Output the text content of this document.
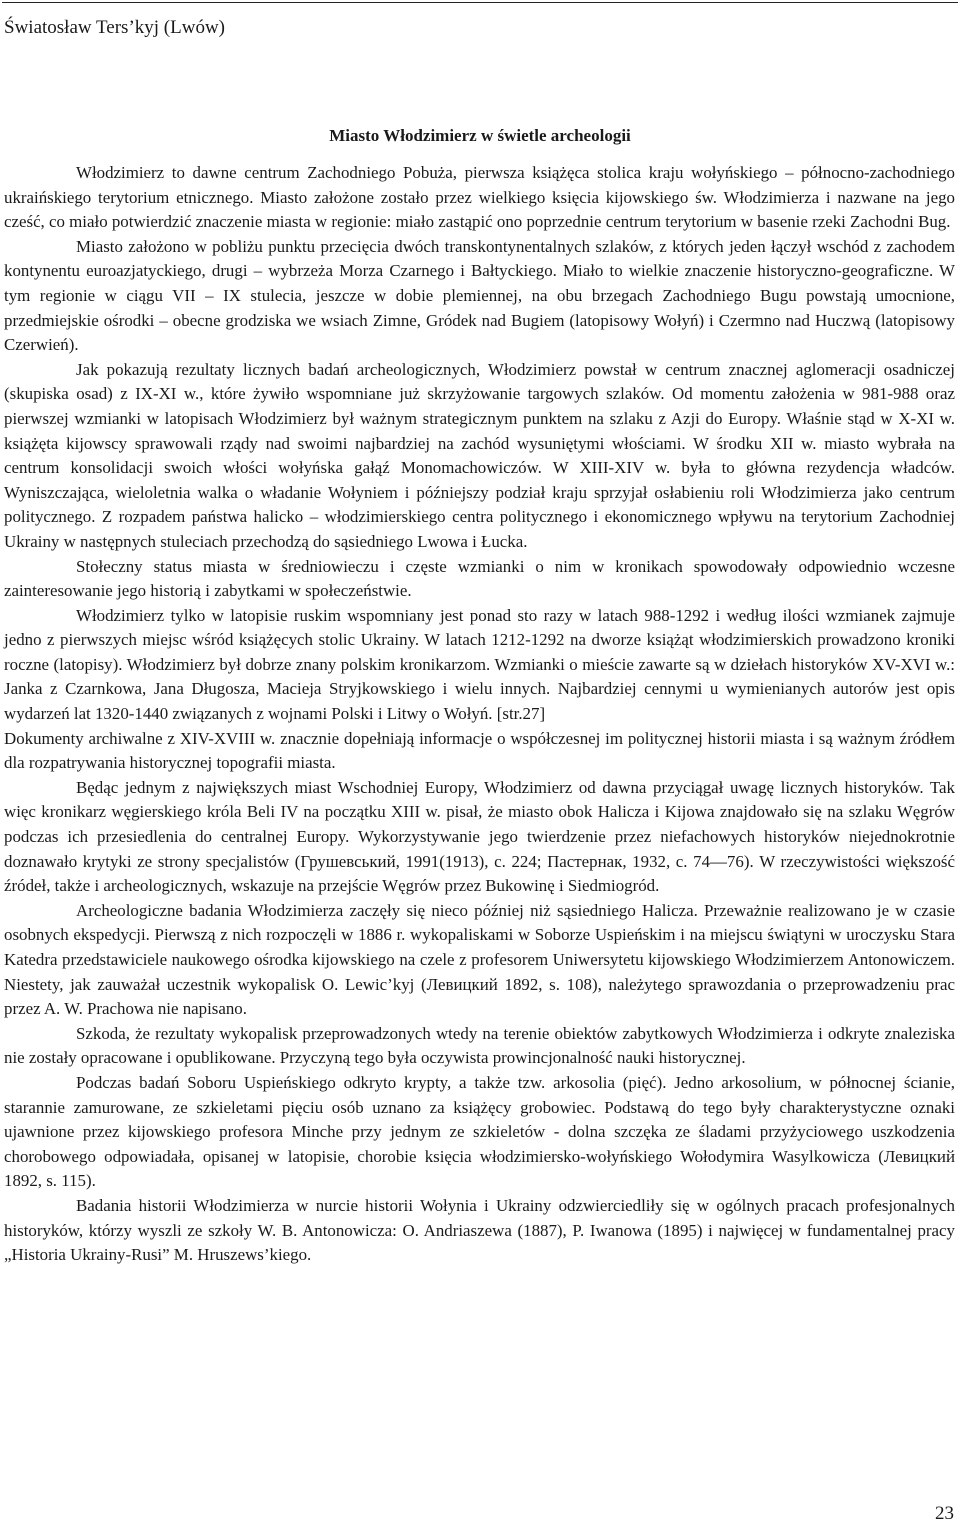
Światosław Ters’kyj (Lwów)
Miasto Włodzimierz w świetle archeologii

Włodzimierz to dawne centrum Zachodniego Pobuża, pierwsza książęca stolica kraju wołyńskiego – północno-zachodniego ukraińskiego terytorium etnicznego. Miasto założone zostało przez wielkiego księcia kijowskiego św. Włodzimierza i nazwane na jego cześć, co miało potwierdzić znaczenie miasta w regionie: miało zastąpić ono poprzednie centrum terytorium w basenie rzeki Zachodni Bug.

Miasto założono w pobliżu punktu przecięcia dwóch transkontynentalnych szlaków, z których jeden łączył wschód z zachodem kontynentu euroazjatyckiego, drugi – wybrzeża Morza Czarnego i Bałtyckiego. Miało to wielkie znaczenie historyczno-geograficzne. W tym regionie w ciągu VII – IX stulecia, jeszcze w dobie plemiennej, na obu brzegach Zachodniego Bugu powstają umocnione, przedmiejskie ośrodki – obecne grodziska we wsiach Zimne, Gródek nad Bugiem (latopisowy Wołyń) i Czermno nad Huczwą (latopisowy Czerwień).

Jak pokazują rezultaty licznych badań archeologicznych, Włodzimierz powstał w centrum znacznej aglomeracji osadniczej (skupiska osad) z IX-XI w., które żywiło wspomniane już skrzyżowanie targowych szlaków. Od momentu założenia w 981-988 oraz pierwszej wzmianki w latopisach Włodzimierz był ważnym strategicznym punktem na szlaku z Azji do Europy. Właśnie stąd w X-XI w. książęta kijowscy sprawowali rządy nad swoimi najbardziej na zachód wysuniętymi włościami. W środku XII w. miasto wybrała na centrum konsolidacji swoich włości wołyńska gałąź Monomachowiczów. W XIII-XIV w. była to główna rezydencja władców. Wyniszczająca, wieloletnia walka o władanie Wołyniem i późniejszy podział kraju sprzyjał osłabieniu roli Włodzimierza jako centrum politycznego. Z rozpadem państwa halicko – włodzimierskiego centra politycznego i ekonomicznego wpływu na terytorium Zachodniej Ukrainy w następnych stuleciach przechodzą do sąsiedniego Lwowa i Łucka.

Stołeczny status miasta w średniowieczu i częste wzmianki o nim w kronikach spowodowały odpowiednio wczesne zainteresowanie jego historią i zabytkami w społeczeństwie.

Włodzimierz tylko w latopisie ruskim wspomniany jest ponad sto razy w latach 988-1292 i według ilości wzmianek zajmuje jedno z pierwszych miejsc wśród książęcych stolic Ukrainy. W latach 1212-1292 na dworze książąt włodzimierskich prowadzono kroniki roczne (latopisy). Włodzimierz był dobrze znany polskim kronikarzom. Wzmianki o mieście zawarte są w dziełach historyków XV-XVI w.: Janka z Czarnkowa, Jana Długosza, Macieja Stryjkowskiego i wielu innych. Najbardziej cennymi u wymienianych autorów jest opis wydarzeń lat 1320-1440 związanych z wojnami Polski i Litwy o Wołyń. [str.27]

Dokumenty archiwalne z XIV-XVIII w. znacznie dopełniają informacje o współczesnej im politycznej historii miasta i są ważnym źródłem dla rozpatrywania historycznej topografii miasta.

Będąc jednym z największych miast Wschodniej Europy, Włodzimierz od dawna przyciągał uwagę licznych historyków. Tak więc kronikarz węgierskiego króla Beli IV na początku XIII w. pisał, że miasto obok Halicza i Kijowa znajdowało się na szlaku Węgrów podczas ich przesiedlenia do centralnej Europy. Wykorzystywanie jego twierdzenie przez niefachowych historyków niejednokrotnie doznawało krytyki ze strony specjalistów (Грушевський, 1991(1913), с. 224; Пастернак, 1932, с. 74—76). W rzeczywistości większość źródeł, także i archeologicznych, wskazuje na przejście Węgrów przez Bukowinę i Siedmiogród.

Archeologiczne badania Włodzimierza zaczęły się nieco później niż sąsiedniego Halicza. Przeważnie realizowano je w czasie osobnych ekspedycji. Pierwszą z nich rozpoczęli w 1886 r. wykopaliskami w Soborze Uspieńskim i na miejscu świątyni w uroczysku Stara Katedra przedstawiciele naukowego ośrodka kijowskiego na czele z profesorem Uniwersytetu kijowskiego Włodzimierzem Antonowiczem. Niestety, jak zauważał uczestnik wykopalisk O. Lewic’kyj (Левицкий 1892, s. 108), należytego sprawozdania o przeprowadzeniu prac przez A. W. Prachowa nie napisano.

Szkoda, że rezultaty wykopalisk przeprowadzonych wtedy na terenie obiektów zabytkowych Włodzimierza i odkryte znaleziska nie zostały opracowane i opublikowane. Przyczyną tego była oczywista prowincjonalność nauki historycznej.

Podczas badań Soboru Uspieńskiego odkryto krypty, a także tzw. arkosolia (pięć). Jedno arkosolium, w północnej ścianie, starannie zamurowane, ze szkieletami pięciu osób uznano za książęcy grobowiec. Podstawą do tego były charakterystyczne oznaki ujawnione przez kijowskiego profesora Minche przy jednym ze szkieletów - dolna szczęka ze śladami przyżyciowego uszkodzenia chorobowego odpowiadała, opisanej w latopisie, chorobie księcia włodzimiersko-wołyńskiego Wołodymira Wasylkowicza (Левицкий 1892, s. 115).

Badania historii Włodzimierza w nurcie historii Wołynia i Ukrainy odzwierciedliły się w ogólnych pracach profesjonalnych historyków, którzy wyszli ze szkoły W. B. Antonowicza: O. Andriaszewa (1887), P. Iwanowa (1895) i najwięcej w fundamentalnej pracy „Historia Ukrainy-Rusi” M. Hruszews’kiego.

23
